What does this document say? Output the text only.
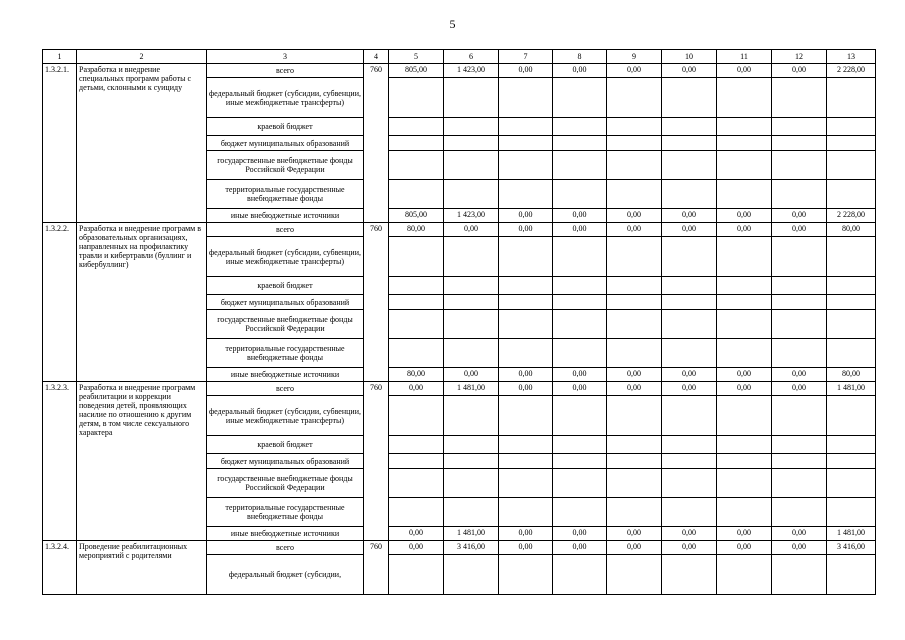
5
1	2	3	4	5	6	7	8	9	10	11	12	13
1.3.2.1.	Разработка и внедрение специальных программ работы с детьми, склонными к суициду	всего	760	805,00	1 423,00	0,00	0,00	0,00	0,00	0,00	0,00	2 228,00
		федеральный бюджет (субсидии, субвенции, иные межбюджетные трансферты)										
		краевой бюджет										
		бюджет муниципальных образований										
		государственные внебюджетные фонды Российской Федерации										
		территориальные государственные внебюджетные фонды										
		иные внебюджетные источники		805,00	1 423,00	0,00	0,00	0,00	0,00	0,00	0,00	2 228,00
1.3.2.2.	Разработка и внедрение программ в образовательных организациях, направленных на профилактику травли и кибертравли (буллинг и кибербуллинг)	всего	760	80,00	0,00	0,00	0,00	0,00	0,00	0,00	0,00	80,00
		федеральный бюджет (субсидии, субвенции, иные межбюджетные трансферты)										
		краевой бюджет										
		бюджет муниципальных образований										
		государственные внебюджетные фонды Российской Федерации										
		территориальные государственные внебюджетные фонды										
		иные внебюджетные источники		80,00	0,00	0,00	0,00	0,00	0,00	0,00	0,00	80,00
1.3.2.3.	Разработка и внедрение программ реабилитации и коррекции поведения детей, проявляющих насилие по отношению к другим детям, в том числе сексуального характера	всего	760	0,00	1 481,00	0,00	0,00	0,00	0,00	0,00	0,00	1 481,00
		федеральный бюджет (субсидии, субвенции, иные межбюджетные трансферты)										
		краевой бюджет										
		бюджет муниципальных образований										
		государственные внебюджетные фонды Российской Федерации										
		территориальные государственные внебюджетные фонды										
		иные внебюджетные источники		0,00	1 481,00	0,00	0,00	0,00	0,00	0,00	0,00	1 481,00
1.3.2.4.	Проведение реабилитационных мероприятий с родителями	всего	760	0,00	3 416,00	0,00	0,00	0,00	0,00	0,00	0,00	3 416,00
		федеральный бюджет (субсидии,										
